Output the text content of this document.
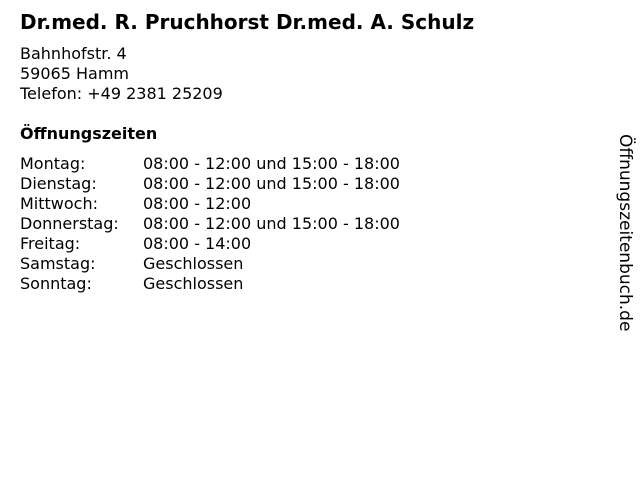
Dr.med. R. Pruchhorst Dr.med. A. Schulz
Bahnhofstr. 4
59065 Hamm
Telefon: +49 2381 25209
Öffnungszeiten
Montag:	08:00 - 12:00 und 15:00 - 18:00
Dienstag:	08:00 - 12:00 und 15:00 - 18:00
Mittwoch:	08:00 - 12:00
Donnerstag:	08:00 - 12:00 und 15:00 - 18:00
Freitag:	08:00 - 14:00
Samstag:	Geschlossen
Sonntag:	Geschlossen	Öffnungszeitenbuch.de
